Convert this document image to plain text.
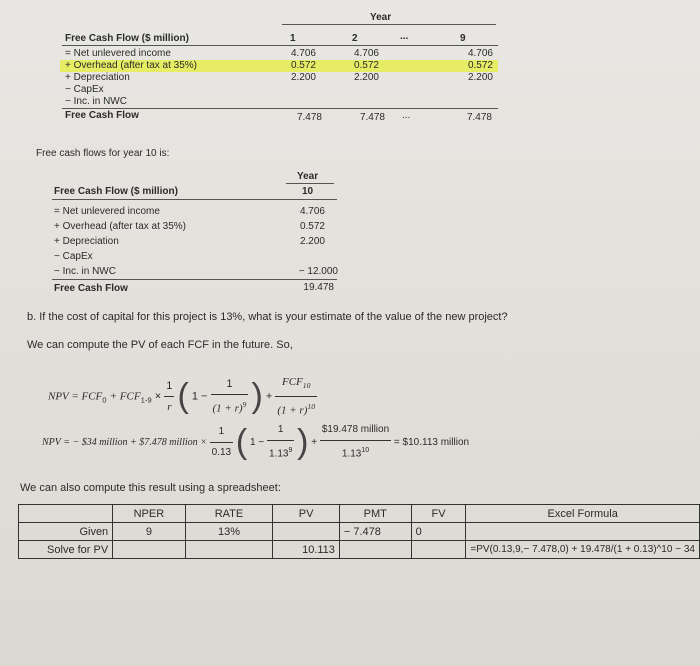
Year
1	2	...	9
Free Cash Flow ($ million)
= Net unlevered income	4.706	4.706	4.706
+ Overhead (after tax at 35%)	0.572	0.572	0.572
+ Depreciation	2.200	2.200	2.200
− CapEx
− Inc. in NWC
Free Cash Flow	7.478	7.478 ...	7.478
Free cash flows for year 10 is:
Year
10
Free Cash Flow ($ million)
= Net unlevered income	4.706
+ Overhead (after tax at 35%)	0.572
+ Depreciation	2.200
− CapEx
− Inc. in NWC	− 12.000
Free Cash Flow	19.478
b. If the cost of capital for this project is 13%, what is your estimate of the value of the new project?
We can compute the PV of each FCF in the future. So,
NPV = $FCF_0 + FCF_{1-9} \times \frac{1}{r}$ ( $1 - \frac{1}{(1 + r)^9}$ ) + $\frac{FCF_{10}}{(1 + r)^{10}}$
NPV = − $34 million + $7.478 million × $\frac{1}{0.13}$ ( $1 - \frac{1}{1.13^9}$ ) + $\frac{\text{\$19.478 million}}{1.13^{10}}$ = $10.113 million
We can also compute this result using a spreadsheet:
	NPER	RATE	PV	PMT	FV	Excel Formula
Given	9	13%		− 7.478	0	
Solve for PV			10.113			=PV(0.13,9,− 7.478,0) + 19.478/(1 + 0.13)^10 − 34
